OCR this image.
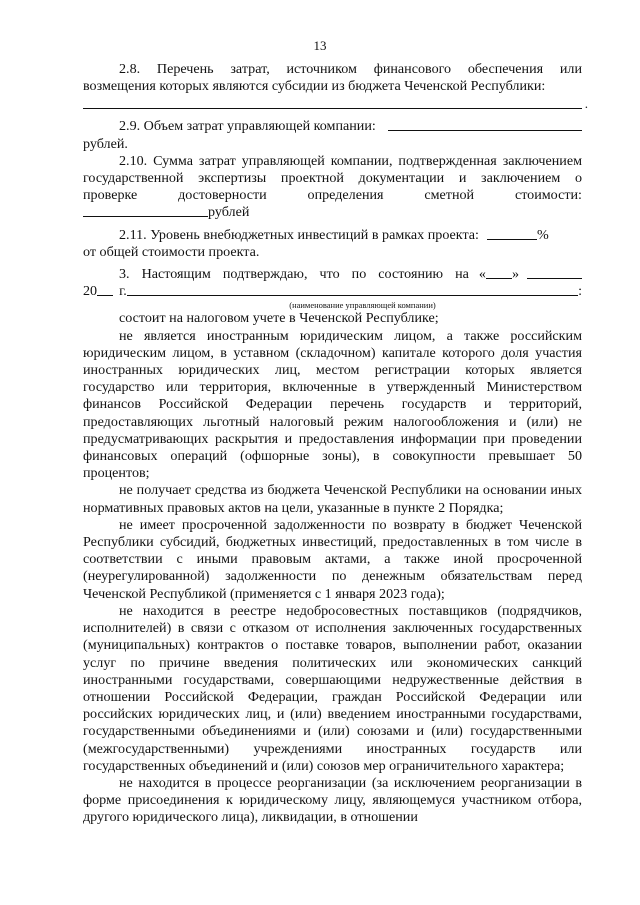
13
2.8. Перечень затрат, источником финансового обеспечения или

возмещения которых являются субсидии из бюджета Чеченской Республики:

.
2.9. Объем затрат управляющей компании:

рублей.

2.10. Сумма затрат управляющей компании, подтвержденная заключением

государственной экспертизы проектной документации и заключением о

проверке	достоверности	определения	сметной	стоимости:
рублей
2.11. Уровень внебюджетных инвестиций в рамках проекта:	%

от общей стоимости проекта.

3. Настоящим подтверждаю, что по состоянию на « »
20 г.	:

(наименование управляющей компании)

состоит на налоговом учете в Чеченской Республике;

не является иностранным юридическим лицом, а также российским юридическим лицом, в уставном (складочном) капитале которого доля участия иностранных юридических лиц, местом регистрации которых является государство или территория, включенные в утвержденный Министерством финансов Российской Федерации перечень государств и территорий, предоставляющих льготный налоговый режим налогообложения и (или) не предусматривающих раскрытия и предоставления информации при проведении финансовых операций (офшорные зоны), в совокупности превышает 50 процентов;

не получает средства из бюджета Чеченской Республики на основании иных нормативных правовых актов на цели, указанные в пункте 2 Порядка;

не имеет просроченной задолженности по возврату в бюджет Чеченской Республики субсидий, бюджетных инвестиций, предоставленных в том числе в соответствии с иными правовым актами, а также иной просроченной (неурегулированной) задолженности по денежным обязательствам перед Чеченской Республикой (применяется с 1 января 2023 года);

не находится в реестре недобросовестных поставщиков (подрядчиков, исполнителей) в связи с отказом от исполнения заключенных государственных (муниципальных) контрактов о поставке товаров, выполнении работ, оказании услуг по причине введения политических или экономических санкций иностранными государствами, совершающими недружественные действия в отношении Российской Федерации, граждан Российской Федерации или российских юридических лиц, и (или) введением иностранными государствами, государственными объединениями и (или) союзами и (или) государственными (межгосударственными) учреждениями иностранных государств или государственных объединений и (или) союзов мер ограничительного характера;

не находится в процессе реорганизации (за исключением реорганизации в форме присоединения к юридическому лицу, являющемуся участником отбора, другого юридического лица), ликвидации, в отношении
